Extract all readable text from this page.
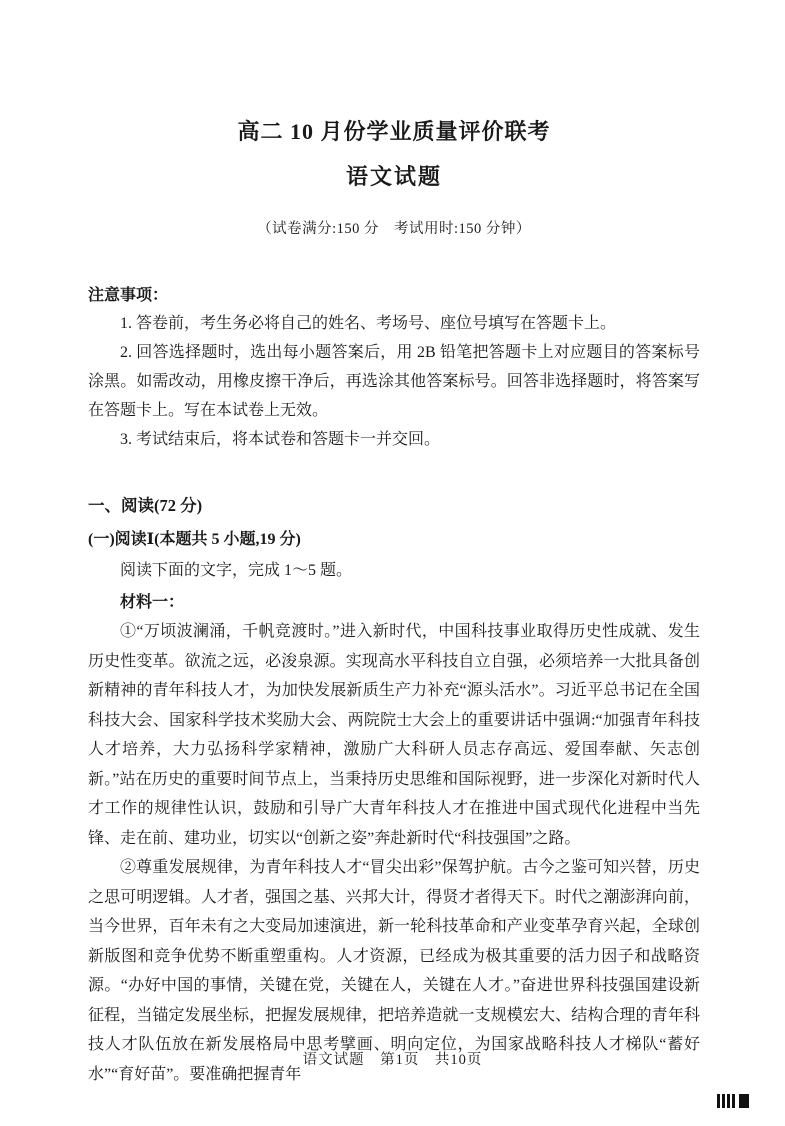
高二 10 月份学业质量评价联考
语文试题
（试卷满分:150 分　考试用时:150 分钟）
注意事项：
1. 答卷前，考生务必将自己的姓名、考场号、座位号填写在答题卡上。
2. 回答选择题时，选出每小题答案后，用 2B 铅笔把答题卡上对应题目的答案标号涂黑。如需改动，用橡皮擦干净后，再选涂其他答案标号。回答非选择题时，将答案写在答题卡上。写在本试卷上无效。
3. 考试结束后，将本试卷和答题卡一并交回。
一、阅读(72 分)
(一)阅读Ⅰ(本题共 5 小题,19 分)
阅读下面的文字，完成 1～5 题。
材料一：
①“万顷波澜涌，千帆竞渡时。”进入新时代，中国科技事业取得历史性成就、发生历史性变革。欲流之远，必浚泉源。实现高水平科技自立自强，必须培养一大批具备创新精神的青年科技人才，为加快发展新质生产力补充“源头活水”。习近平总书记在全国科技大会、国家科学技术奖励大会、两院院士大会上的重要讲话中强调:“加强青年科技人才培养，大力弘扬科学家精神，激励广大科研人员志存高远、爱国奉献、矢志创新。”站在历史的重要时间节点上，当秉持历史思维和国际视野，进一步深化对新时代人才工作的规律性认识，鼓励和引导广大青年科技人才在推进中国式现代化进程中当先锋、走在前、建功业，切实以“创新之姿”奔赴新时代“科技强国”之路。
②尊重发展规律，为青年科技人才“冒尖出彩”保驾护航。古今之鉴可知兴替，历史之思可明逻辑。人才者，强国之基、兴邦大计，得贤才者得天下。时代之潮澎湃向前，当今世界，百年未有之大变局加速演进，新一轮科技革命和产业变革孕育兴起，全球创新版图和竞争优势不断重塑重构。人才资源，已经成为极其重要的活力因子和战略资源。“办好中国的事情，关键在党，关键在人，关键在人才。”奋进世界科技强国建设新征程，当锚定发展坐标，把握发展规律，把培养造就一支规模宏大、结构合理的青年科技人才队伍放在新发展格局中思考擘画、明向定位，为国家战略科技人才梯队“蓄好水”“育好苗”。要准确把握青年
语文试题　第1页　共10页
